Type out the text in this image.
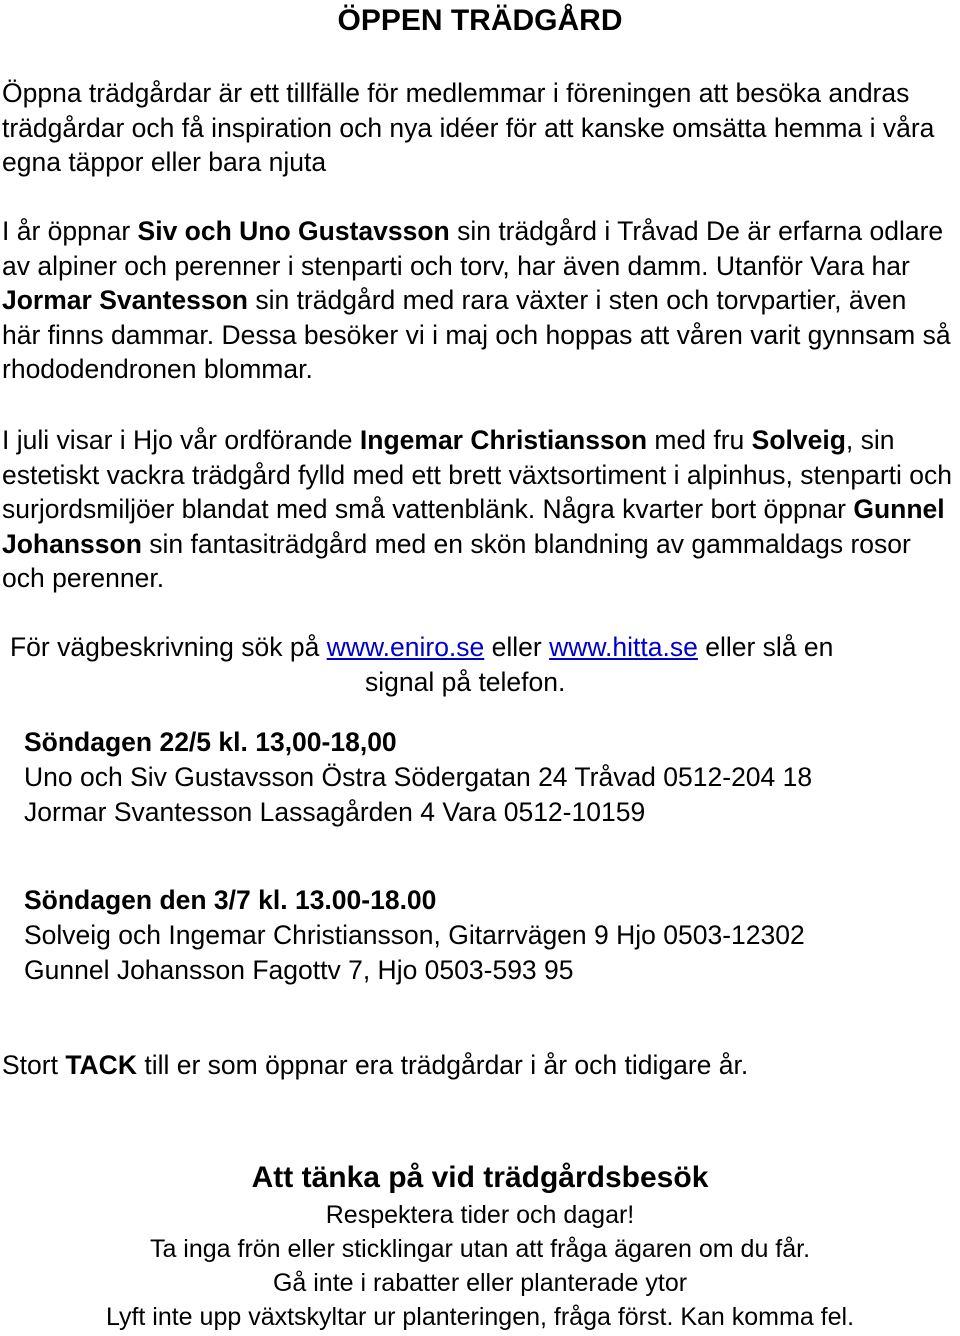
ÖPPEN TRÄDGÅRD

Öppna trädgårdar är ett tillfälle för medlemmar i föreningen att besöka andras trädgårdar och få inspiration och nya idéer för att kanske omsätta hemma i våra egna täppor eller bara njuta

I år öppnar Siv och Uno Gustavsson sin trädgård i Tråvad De är erfarna odlare av alpiner och perenner i stenparti och torv, har även damm. Utanför Vara har Jormar Svantesson sin trädgård med rara växter i sten och torvpartier, även här finns dammar. Dessa besöker vi i maj och hoppas att våren varit gynnsam så rhododendronen blommar.

I juli visar i Hjo vår ordförande Ingemar Christiansson med fru Solveig, sin estetiskt vackra trädgård fylld med ett brett växtsortiment i alpinhus, stenparti och surjordsmiljöer blandat med små vattenblänk. Några kvarter bort öppnar Gunnel Johansson sin fantasiträdgård med en skön blandning av gammaldags rosor och perenner.

För vägbeskrivning sök på www.eniro.se eller www.hitta.se eller slå en
signal på telefon.
Söndagen 22/5 kl. 13,00-18,00
Uno och Siv Gustavsson Östra Södergatan 24 Tråvad 0512-204 18
Jormar Svantesson Lassagården 4 Vara 0512-10159
Söndagen den 3/7 kl. 13.00-18.00
Solveig och Ingemar Christiansson, Gitarrvägen 9 Hjo 0503-12302
Gunnel Johansson Fagottv 7, Hjo 0503-593 95
Stort TACK till er som öppnar era trädgårdar i år och tidigare år.
Att tänka på vid trädgårdsbesök
Respektera tider och dagar!
Ta inga frön eller sticklingar utan att fråga ägaren om du får.
Gå inte i rabatter eller planterade ytor
Lyft inte upp växtskyltar ur planteringen, fråga först. Kan komma fel.
